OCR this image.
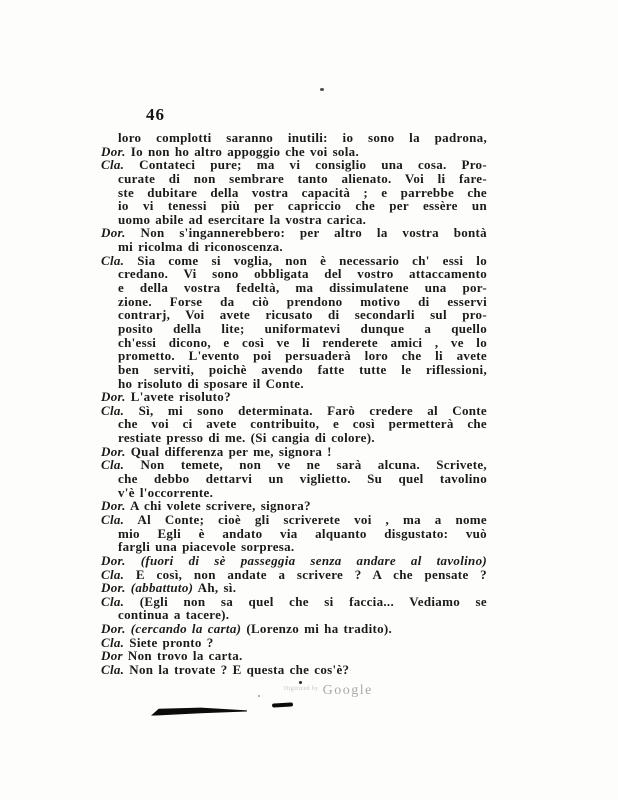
46
loro complotti saranno inutili: io sono la padrona,
Dor. Io non ho altro appoggio che voi sola.
Cla. Contateci pure; ma vi consiglio una cosa. Pro-
curate di non sembrare tanto alienato. Voi li fare-
ste dubitare della vostra capacità ; e parrebbe che
io vi tenessi più per capriccio che per essère un
uomo abile ad esercitare la vostra carica.
Dor. Non s'ingannerebbero: per altro la vostra bontà
mi ricolma di riconoscenza.
Cla. Sia come si voglia, non è necessario ch' essi lo
credano. Vi sono obbligata del vostro attaccamento
e della vostra fedeltà, ma dissimulatene una por-
zione. Forse da ciò prendono motivo di esservi
contrarj, Voi avete ricusato di secondarli sul pro-
posito della lite; uniformatevi dunque a quello
ch'essi dicono, e così ve li renderete amici , ve lo
prometto. L'evento poi persuaderà loro che li avete
ben serviti, poichè avendo fatte tutte le riflessioni,
ho risoluto di sposare il Conte.
Dor. L'avete risoluto?
Cla. Sì, mi sono determinata. Farò credere al Conte
che voi ci avete contribuito, e così permetterà che
restiate presso di me. (Si cangia di colore).
Dor. Qual differenza per me, signora !
Cla. Non temete, non ve ne sarà alcuna. Scrivete,
che debbo dettarvi un viglietto. Su quel tavolino
v'è l'occorrente.
Dor. A chi volete scrivere, signora?
Cla. Al Conte; cioè gli scriverete voi , ma a nome
mio Egli è andato via alquanto disgustato: vuò
fargli una piacevole sorpresa.
Dor. (fuori di sè passeggia senza andare al tavolino)
Cla. E così, non andate a scrivere ? A che pensate ?
Dor. (abbattuto) Ah, sì.
Cla. (Egli non sa quel che si faccia... Vediamo se
continua a tacere).
Dor. (cercando la carta) (Lorenzo mi ha tradito).
Cla. Siete pronto ?
Dor Non trovo la carta.
Cla. Non la trovate ? E questa che cos'è?
$^{Digitized by}$ Google
